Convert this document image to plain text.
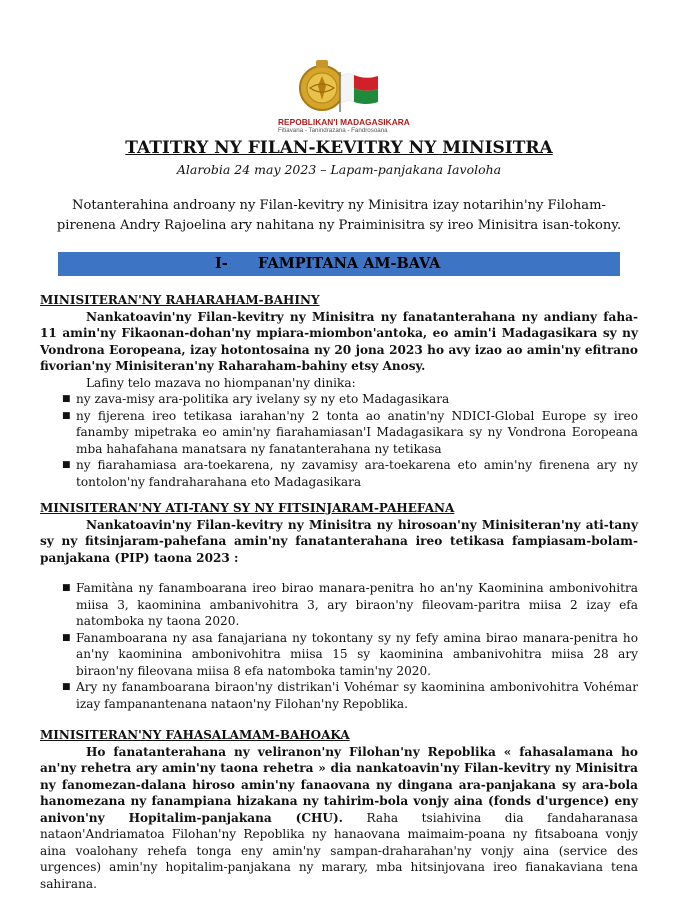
REPOBLIKAN'I MADAGASIKARA
Fitiavana - Tanindrazana - Fandrosoana
TATITRY NY FILAN-KEVITRY NY MINISITRA
Alarobia 24 may 2023 – Lapam-panjakana Iavoloha
Notanterahina androany ny Filan-kevitry ny Minisitra izay notarihin'ny Filoham-pirenena Andry Rajoelina ary nahitana ny Praiminisitra sy ireo Minisitra isan-tokony.
I- FAMPITANA AM-BAVA

MINISITERAN'NY RAHARAHAM-BAHINY

Nankatoavin'ny Filan-kevitry ny Minisitra ny fanatanterahana ny andiany faha-11 amin'ny Fikaonan-dohan'ny mpiara-miombon'antoka, eo amin'i Madagasikara sy ny Vondrona Eoropeana, izay hotontosaina ny 20 jona 2023 ho avy izao ao amin'ny efitrano fivorian'ny Minisiteran'ny Raharaham-bahiny etsy Anosy.

Lafiny telo mazava no hiompanan'ny dinika:

■ ny zava-misy ara-politika ary ivelany sy ny eto Madagasikara
■ ny fijerena ireo tetikasa iarahan'ny 2 tonta ao anatin'ny NDICI-Global Europe sy ireo fanamby mipetraka eo amin'ny fiarahamiasan'I Madagasikara sy ny Vondrona Eoropeana mba hahafahana manatsara ny fanatanterahana ny tetikasa
■ ny fiarahamiasa ara-toekarena, ny zavamisy ara-toekarena eto amin'ny firenena ary ny tontolon'ny fandraharahana eto Madagasikara

MINISITERAN'NY ATI-TANY SY NY FITSINJARAM-PAHEFANA

Nankatoavin'ny Filan-kevitry ny Minisitra ny hirosoan'ny Minisiteran'ny ati-tany sy ny fitsinjaram-pahefana amin'ny fanatanterahana ireo tetikasa fampiasam-bolam-panjakana (PIP) taona 2023 :

■ Famitàna ny fanamboarana ireo birao manara-penitra ho an'ny Kaominina ambonivohitra miisa 3, kaominina ambanivohitra 3, ary biraon'ny fileovam-paritra miisa 2 izay efa natomboka ny taona 2020.
■ Fanamboarana ny asa fanajariana ny tokontany sy ny fefy amina birao manara-penitra ho an'ny kaominina ambonivohitra miisa 15 sy kaominina ambanivohitra miisa 28 ary biraon'ny fileovana miisa 8 efa natomboka tamin'ny 2020.
■ Ary ny fanamboarana biraon'ny distrikan'i Vohémar sy kaominina ambonivohitra Vohémar izay fampanantenana nataon'ny Filohan'ny Repoblika.

MINISITERAN'NY FAHASALAMAM-BAHOAKA

Ho fanatanterahana ny veliranon'ny Filohan'ny Repoblika « fahasalamana ho an'ny rehetra ary amin'ny taona rehetra » dia nankatoavin'ny Filan-kevitry ny Minisitra ny fanomezan-dalana hiroso amin'ny fanaovana ny dingana ara-panjakana sy ara-bola hanomezana ny fanampiana hizakana ny tahirim-bola vonjy aina (fonds d'urgence) eny anivon'ny Hopitalim-panjakana (CHU). Raha tsiahivina dia fandaharanasa nataon'Andriamatoa Filohan'ny Repoblika ny hanaovana maimaim-poana ny fitsaboana vonjy aina voalohany rehefa tonga eny amin'ny sampan-draharahan'ny vonjy aina (service des urgences) amin'ny hopitalim-panjakana ny marary, mba hitsinjovana ireo fianakaviana tena sahirana.
